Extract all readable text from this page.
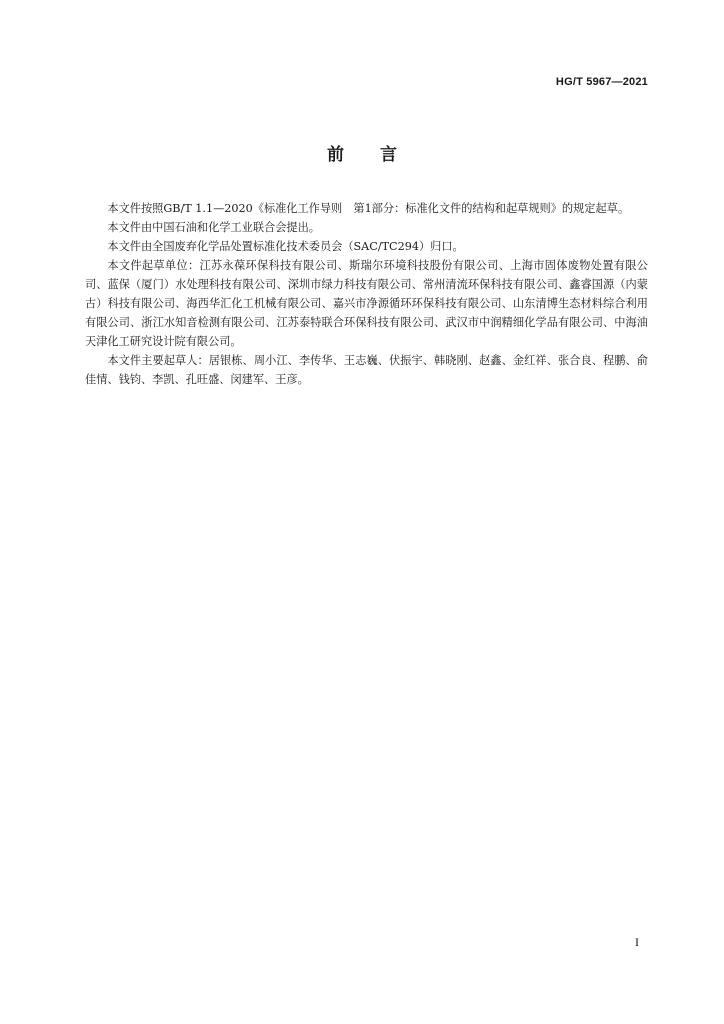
HG/T 5967—2021
前言

本文件按照GB/T 1.1—2020《标准化工作导则　第1部分：标准化文件的结构和起草规则》的规定起草。

本文件由中国石油和化学工业联合会提出。

本文件由全国废弃化学品处置标准化技术委员会（SAC/TC294）归口。

本文件起草单位：江苏永葆环保科技有限公司、斯瑞尔环境科技股份有限公司、上海市固体废物处置有限公司、蓝保（厦门）水处理科技有限公司、深圳市绿力科技有限公司、常州清流环保科技有限公司、鑫睿国源（内蒙古）科技有限公司、海西华汇化工机械有限公司、嘉兴市净源循环环保科技有限公司、山东清博生态材料综合利用有限公司、浙江水知音检测有限公司、江苏泰特联合环保科技有限公司、武汉市中润精细化学品有限公司、中海油天津化工研究设计院有限公司。

本文件主要起草人：居银栋、周小江、李传华、王志巍、伏振宇、韩晓刚、赵鑫、金红祥、张合良、程鹏、俞佳情、钱钧、李凯、孔旺盛、闵建军、王彦。

I
